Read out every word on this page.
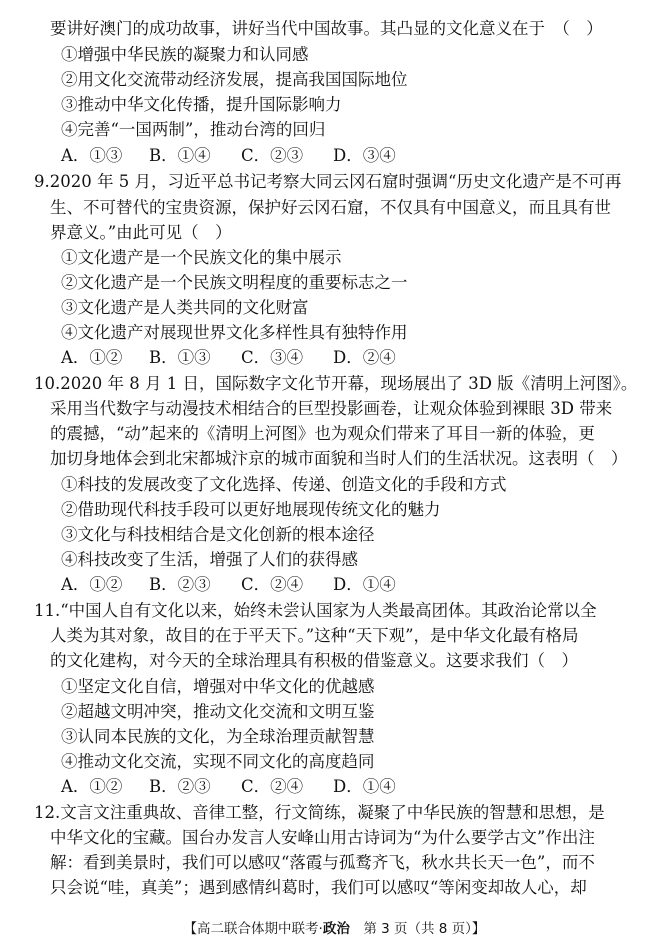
要讲好澳门的成功故事，讲好当代中国故事。其凸显的文化意义在于　（　）
①增强中华民族的凝聚力和认同感
②用文化交流带动经济发展，提高我国国际地位
③推动中华文化传播，提升国际影响力
④完善“一国两制”，推动台湾的回归
A．①③ B．①④ C．②③ D．③④
9.2020 年 5 月，习近平总书记考察大同云冈石窟时强调“历史文化遗产是不可再
生、不可替代的宝贵资源，保护好云冈石窟，不仅具有中国意义，而且具有世
界意义。”由此可见（　）
①文化遗产是一个民族文化的集中展示
②文化遗产是一个民族文明程度的重要标志之一
③文化遗产是人类共同的文化财富
④文化遗产对展现世界文化多样性具有独特作用
A．①② B．①③ C．③④ D．②④
10.2020 年 8 月 1 日，国际数字文化节开幕，现场展出了 3D 版《清明上河图》。
采用当代数字与动漫技术相结合的巨型投影画卷，让观众体验到裸眼 3D 带来
的震撼，“动”起来的《清明上河图》也为观众们带来了耳目一新的体验，更
加切身地体会到北宋都城汴京的城市面貌和当时人们的生活状况。这表明（　）
①科技的发展改变了文化选择、传递、创造文化的手段和方式
②借助现代科技手段可以更好地展现传统文化的魅力
③文化与科技相结合是文化创新的根本途径
④科技改变了生活，增强了人们的获得感
A．①② B．②③ C．②④ D．①④
11.“中国人自有文化以来，始终未尝认国家为人类最高团体。其政治论常以全
人类为其对象，故目的在于平天下。”这种“天下观”，是中华文化最有格局
的文化建构，对今天的全球治理具有积极的借鉴意义。这要求我们（　）
①坚定文化自信，增强对中华文化的优越感
②超越文明冲突，推动文化交流和文明互鉴
③认同本民族的文化，为全球治理贡献智慧
④推动文化交流，实现不同文化的高度趋同
A．①② B．②③ C．②④ D．①④
12.文言文注重典故、音律工整，行文简练，凝聚了中华民族的智慧和思想，是
中华文化的宝藏。国台办发言人安峰山用古诗词为“为什么要学古文”作出注
解：看到美景时，我们可以感叹“落霞与孤鹜齐飞，秋水共长天一色”，而不
只会说“哇，真美”；遇到感情纠葛时，我们可以感叹“等闲变却故人心，却
【高二联合体期中联考·政治　第 3 页（共 8 页）】
